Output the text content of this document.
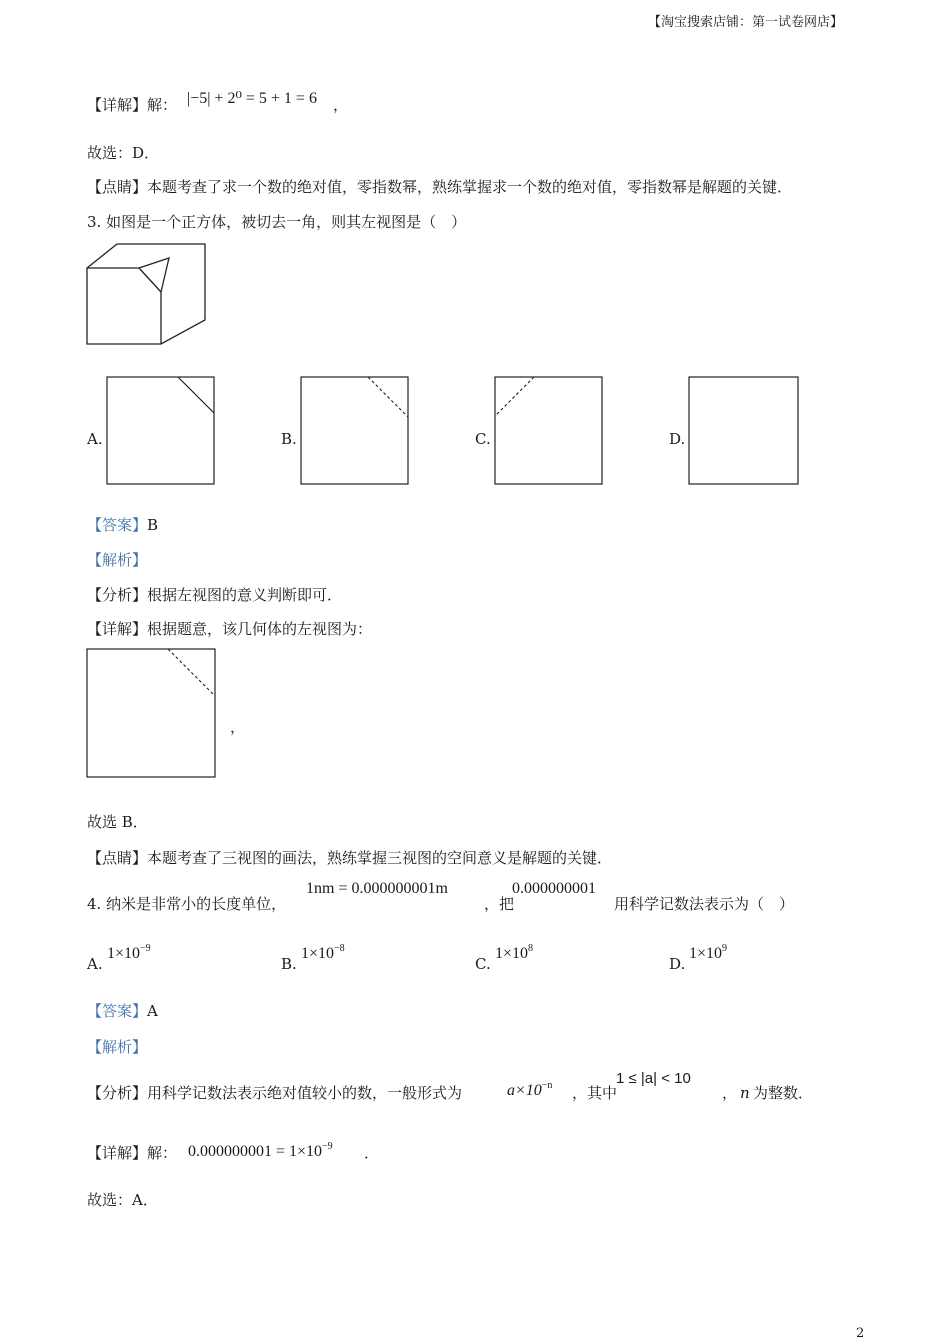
【淘宝搜索店铺：第一试卷网店】
【详解】解： |−5| + 2⁰ = 5 + 1 = 6 ，
故选：D．
【点睛】本题考查了求一个数的绝对值，零指数幂，熟练掌握求一个数的绝对值，零指数幂是解题的关键．
3. 如图是一个正方体，被切去一角，则其左视图是（　）
A.	B.	C.	D.
【答案】B
【解析】
【分析】根据左视图的意义判断即可．
【详解】根据题意，该几何体的左视图为：
，
故选 B．
【点睛】本题考查了三视图的画法，熟练掌握三视图的空间意义是解题的关键．
4. 纳米是非常小的长度单位，
1nm = 0.000000001m
，把
0.000000001
用科学记数法表示为（　）
A.
$1\times 10^{-9}$
B.
$1\times 10^{-8}$
C.
$1\times 10^8$
D.
$1\times 10^9$
【答案】A
【解析】
【分析】用科学记数法表示绝对值较小的数，一般形式为	$a\times 10^{-n}$ ，其中
1 ≤ |a| < 10
， n 为整数．
【详解】解： $0.000000001 = 1\times 10^{-9}$ ．
故选：A．
2
